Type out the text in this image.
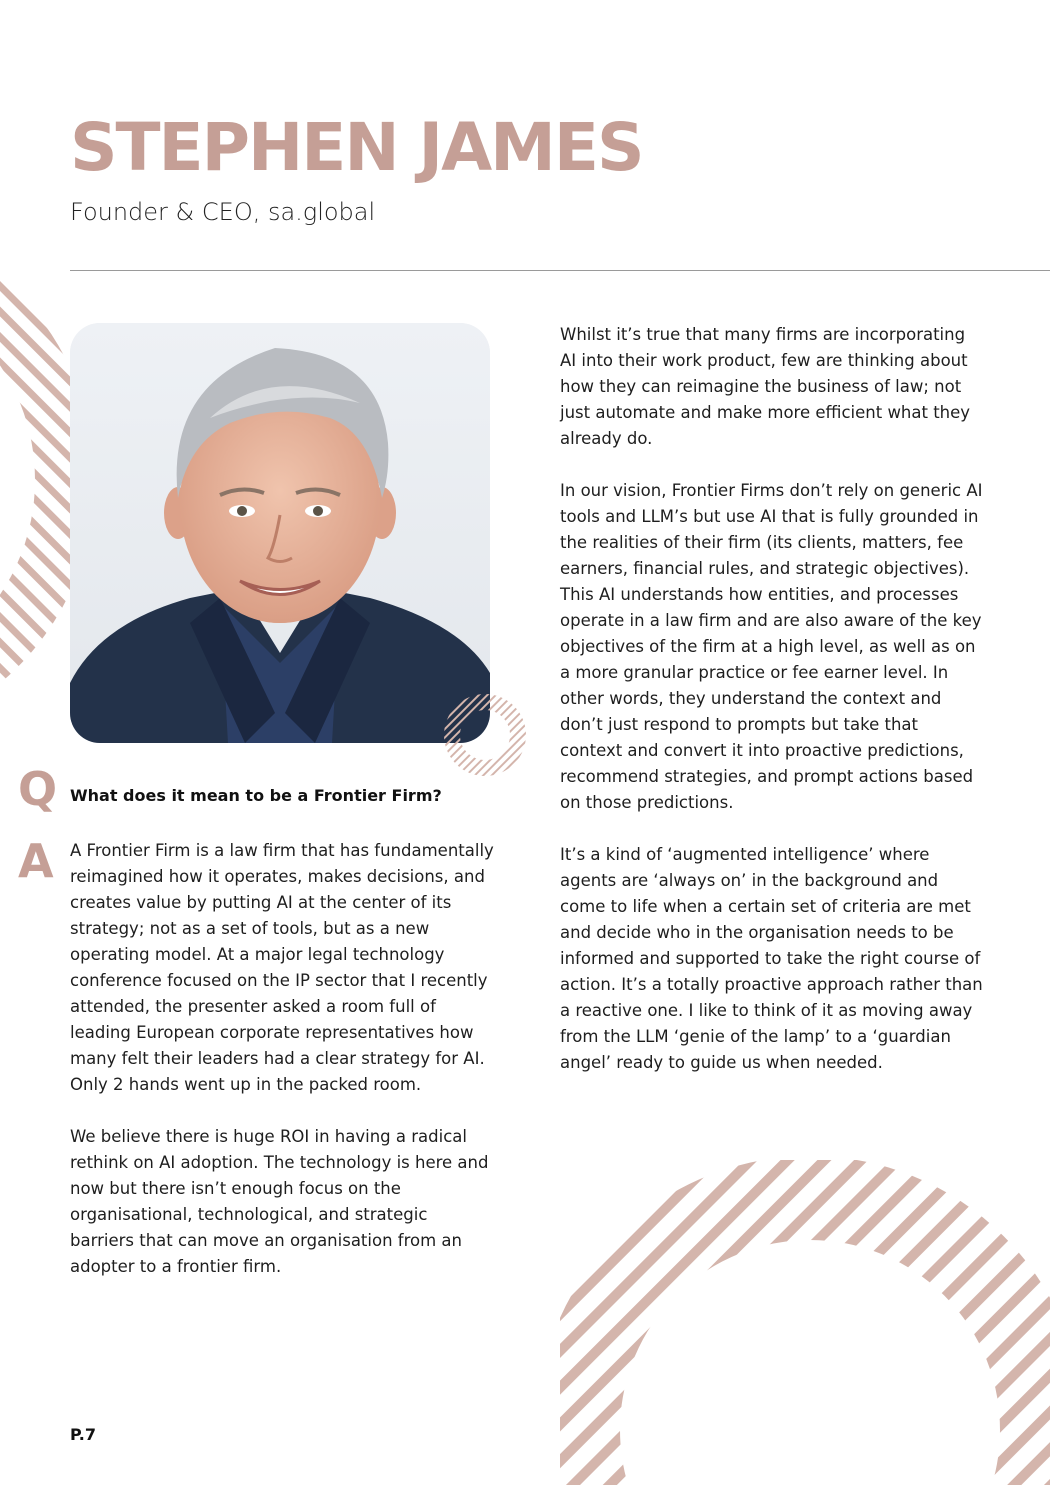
STEPHEN JAMES
Founder & CEO, sa.global
Q What does it mean to be a Frontier Firm?
A A Frontier Firm is a law firm that has fundamentally reimagined how it operates, makes decisions, and creates value by putting AI at the center of its strategy; not as a set of tools, but as a new operating model. At a major legal technology conference focused on the IP sector that I recently attended, the presenter asked a room full of leading European corporate representatives how many felt their leaders had a clear strategy for AI. Only 2 hands went up in the packed room.

We believe there is huge ROI in having a radical rethink on AI adoption. The technology is here and now but there isn’t enough focus on the organisational, technological, and strategic barriers that can move an organisation from an adopter to a frontier firm.

Whilst it’s true that many firms are incorporating AI into their work product, few are thinking about how they can reimagine the business of law; not just automate and make more efficient what they already do.

In our vision, Frontier Firms don’t rely on generic AI tools and LLM’s but use AI that is fully grounded in the realities of their firm (its clients, matters, fee earners, financial rules, and strategic objectives). This AI understands how entities, and processes operate in a law firm and are also aware of the key objectives of the firm at a high level, as well as on a more granular practice or fee earner level. In other words, they understand the context and don’t just respond to prompts but take that context and convert it into proactive predictions, recommend strategies, and prompt actions based on those predictions.

It’s a kind of ‘augmented intelligence’ where agents are ‘always on’ in the background and come to life when a certain set of criteria are met and decide who in the organisation needs to be informed and supported to take the right course of action. It’s a totally proactive approach rather than a reactive one. I like to think of it as moving away from the LLM ‘genie of the lamp’ to a ‘guardian angel’ ready to guide us when needed.

P.7
